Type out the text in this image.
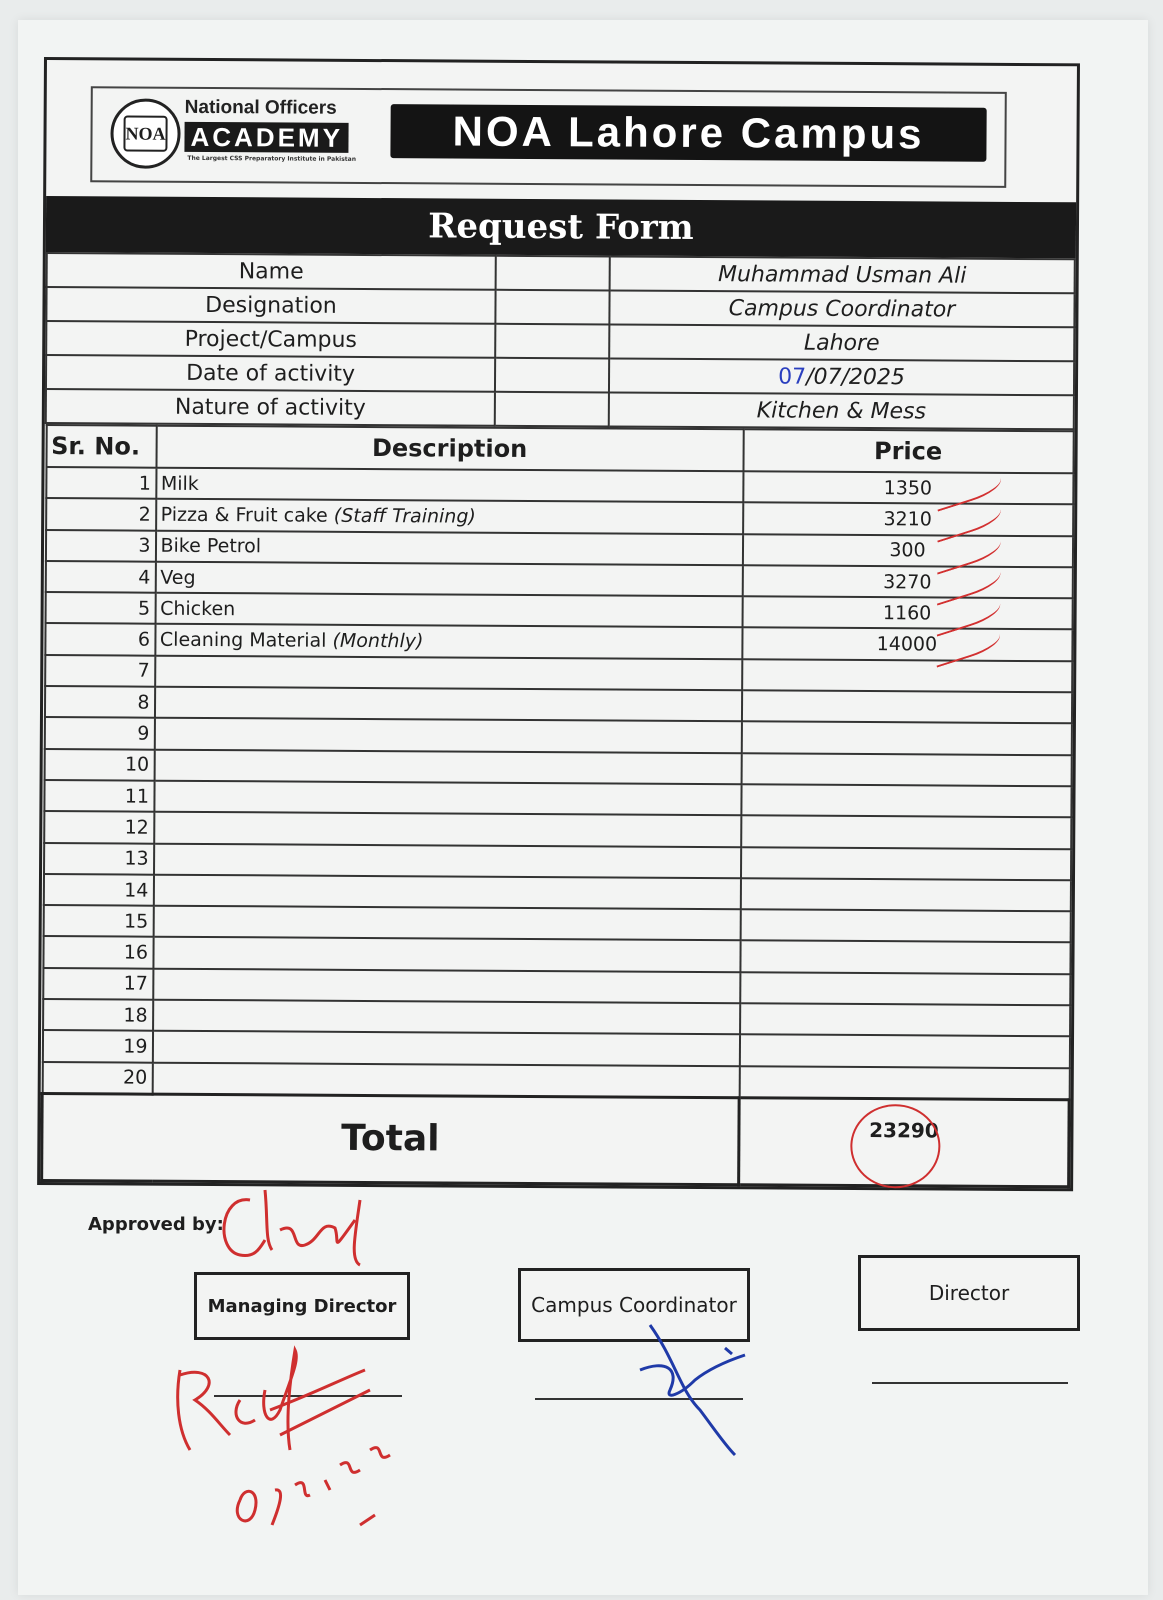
NOA
National Officers
ACADEMY
The Largest CSS Preparatory Institute in Pakistan
NOA Lahore Campus
Request Form
Name		Muhammad Usman Ali
Designation		Campus Coordinator
Project/Campus		Lahore
Date of activity		07/07/2025
Nature of activity		Kitchen & Mess
Sr. No.	Description	Price
1	Milk	1350

2	Pizza & Fruit cake (Staff Training)	3210

3	Bike Petrol	300

4	Veg	3270

5	Chicken	1160

6	Cleaning Material (Monthly)	14000

7		
8		
9		
10		
11		
12		
13		
14		
15		
16		
17		
18		
19		
20		
Total		23290
Approved by:
Managing Director	Campus Coordinator	Director
